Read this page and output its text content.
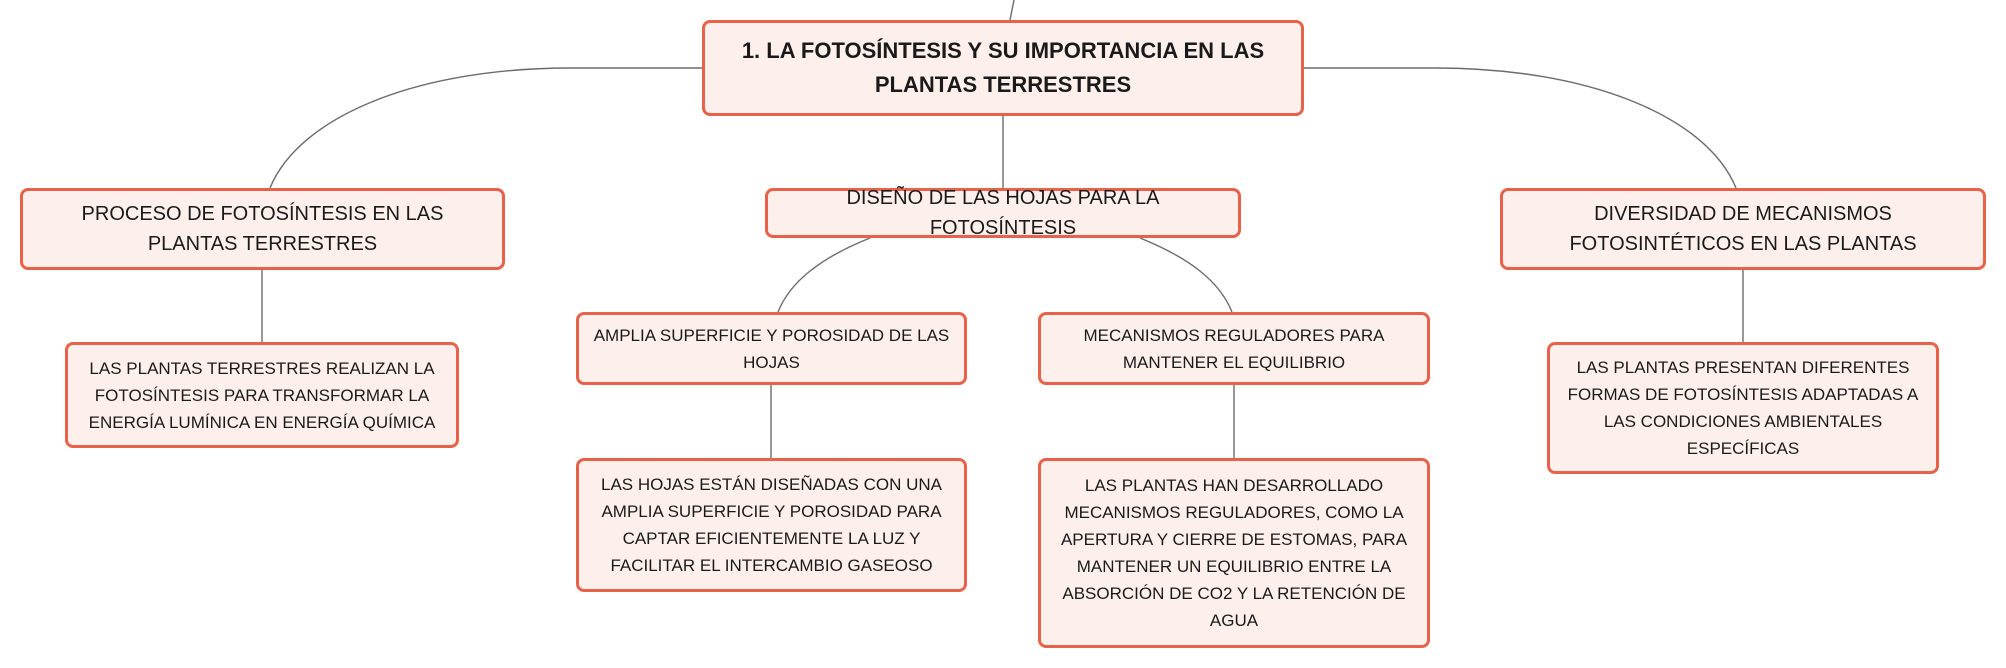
1. LA FOTOSÍNTESIS Y SU IMPORTANCIA EN LAS PLANTAS TERRESTRES
PROCESO DE FOTOSÍNTESIS EN LAS PLANTAS TERRESTRES
DISEÑO DE LAS HOJAS PARA LA FOTOSÍNTESIS
DIVERSIDAD DE MECANISMOS FOTOSINTÉTICOS EN LAS PLANTAS
LAS PLANTAS TERRESTRES REALIZAN LA FOTOSÍNTESIS PARA TRANSFORMAR LA ENERGÍA LUMÍNICA EN ENERGÍA QUÍMICA
AMPLIA SUPERFICIE Y POROSIDAD DE LAS HOJAS
MECANISMOS REGULADORES PARA MANTENER EL EQUILIBRIO
LAS HOJAS ESTÁN DISEÑADAS CON UNA AMPLIA SUPERFICIE Y POROSIDAD PARA CAPTAR EFICIENTEMENTE LA LUZ Y FACILITAR EL INTERCAMBIO GASEOSO
LAS PLANTAS HAN DESARROLLADO MECANISMOS REGULADORES, COMO LA APERTURA Y CIERRE DE ESTOMAS, PARA MANTENER UN EQUILIBRIO ENTRE LA ABSORCIÓN DE CO2 Y LA RETENCIÓN DE AGUA
LAS PLANTAS PRESENTAN DIFERENTES FORMAS DE FOTOSÍNTESIS ADAPTADAS A LAS CONDICIONES AMBIENTALES ESPECÍFICAS
